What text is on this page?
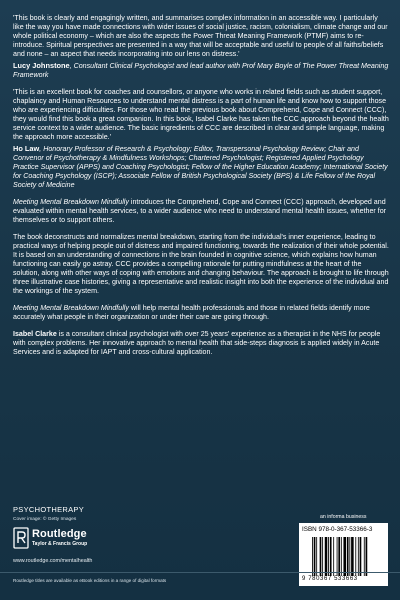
'This book is clearly and engagingly written, and summarises complex information in an accessible way. I particularly like the way you have made connections with wider issues of social justice, racism, colonialism, climate change and our whole political economy – which are also the aspects the Power Threat Meaning Framework (PTMF) aims to re-introduce. Spiritual perspectives are presented in a way that will be acceptable and useful to people of all faiths/beliefs and none – an aspect that needs incorporating into our lens on distress.'

Lucy Johnstone, Consultant Clinical Psychologist and lead author with Prof Mary Boyle of The Power Threat Meaning Framework

'This is an excellent book for coaches and counsellors, or anyone who works in related fields such as student support, chaplaincy and Human Resources to understand mental distress is a part of human life and know how to support those who are experiencing difficulties. For those who read the previous book about Comprehend, Cope and Connect (CCC), they would find this book a great companion. In this book, Isabel Clarke has taken the CCC approach beyond the health service context to a wider audience. The basic ingredients of CCC are described in clear and simple language, making the approach more accessible.'

Ho Law, Honorary Professor of Research & Psychology; Editor, Transpersonal Psychology Review; Chair and Convenor of Psychotherapy & Mindfulness Workshops; Chartered Psychologist; Registered Applied Psychology Practice Supervisor (APPS) and Coaching Psychologist; Fellow of the Higher Education Academy; International Society for Coaching Psychology (ISCP); Associate Fellow of British Psychological Society (BPS) & Life Fellow of the Royal Society of Medicine

Meeting Mental Breakdown Mindfully introduces the Comprehend, Cope and Connect (CCC) approach, developed and evaluated within mental health services, to a wider audience who need to understand mental health issues, whether for themselves or to support others.

The book deconstructs and normalizes mental breakdown, starting from the individual's inner experience, leading to practical ways of helping people out of distress and impaired functioning, towards the realization of their whole potential. It is based on an understanding of connections in the brain founded in cognitive science, which explains how human functioning can easily go astray. CCC provides a compelling rationale for putting mindfulness at the heart of the solution, along with other ways of coping with emotions and changing behaviour. The approach is brought to life through three illustrative case histories, giving a representative and realistic insight into both the experience of the individual and the workings of the system.

Meeting Mental Breakdown Mindfully will help mental health professionals and those in related fields identify more accurately what people in their organization or under their care are going through.

Isabel Clarke is a consultant clinical psychologist with over 25 years' experience as a therapist in the NHS for people with complex problems. Her innovative approach to mental health that side-steps diagnosis is applied widely in Acute Services and is adapted for IAPT and cross-cultural application.

PSYCHOTHERAPY
Cover image: © Getty Images
Routledge
Taylor & Francis Group
www.routledge.com/mentalhealth
an informa business
ISBN 978-0-367-53366-3
9 780367 533663
Routledge titles are available as eBook editions in a range of digital formats
